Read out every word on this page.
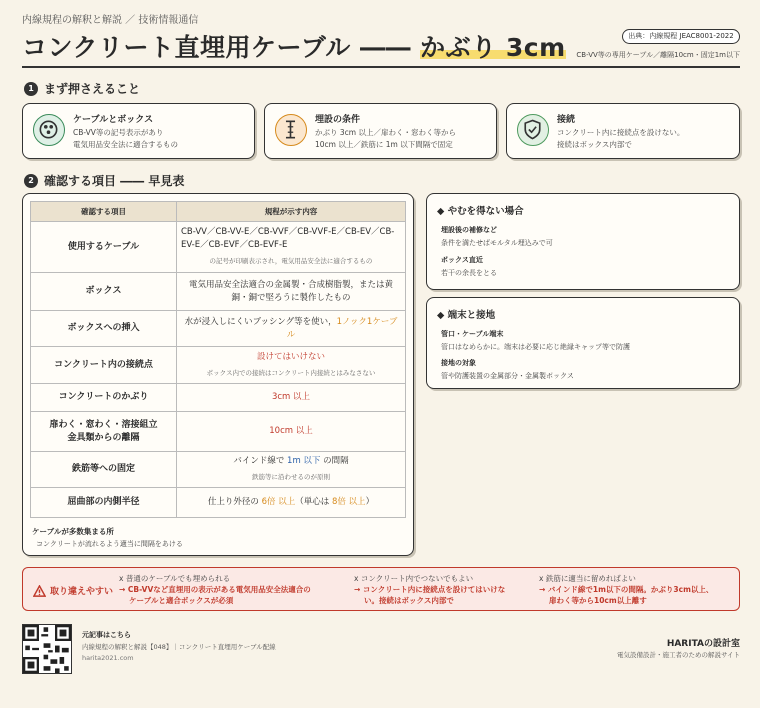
内線規程の解釈と解説 ／ 技術情報通信
コンクリート直埋用ケーブル ―― かぶり 3cm	出典：内線規程 JEAC8001-2022
CB-VV等の専用ケーブル／離隔10cm・固定1m以下
1 まず押さえること
ケーブルとボックス
CB-VV等の記号表示があり
電気用品安全法に適合するもの
埋設の条件
かぶり 3cm 以上／扉わく・窓わく等から
10cm 以上／鉄筋に 1m 以下間隔で固定
接続
コンクリート内に接続点を設けない。
接続はボックス内部で
2 確認する項目 ―― 早見表
確認する項目	規程が示す内容
使用するケーブル	CB-VV／CB-VV-E／CB-VVF／CB-VVF-E／CB-EV／CB-EV-E／CB-EVF／CB-EVF-E
の記号が印刷表示され，電気用品安全法に適合するもの

ボックス	電気用品安全法適合の金属製・合成樹脂製，または黄銅・銅で堅ろうに製作したもの
ボックスへの挿入	水が浸入しにくいブッシング等を使い，1ノック1ケーブル
コンクリート内の接続点	設けてはいけない
ボックス内での接続はコンクリート内接続とはみなさない

コンクリートのかぶり	3cm 以上
扉わく・窓わく・溶接組立
金具類からの離隔	10cm 以上
鉄筋等への固定	バインド線で 1m 以下 の間隔
鉄筋等に沿わせるのが原則

屈曲部の内側半径	仕上り外径の 6倍 以上（単心は 8倍 以上）
ケーブルが多数集まる所
コンクリートが流れるよう適当に間隔をあける
◆ やむを得ない場合
埋設後の補修など
条件を満たせばモルタル埋込みで可
ボックス直近
若干の余長をとる
◆ 端末と接地
管口・ケーブル端末
管口はなめらかに。端末は必要に応じ絶縁キャップ等で防護
接地の対象
管や防護装置の金属部分・金属製ボックス
取り違えやすい
x 普通のケーブルでも埋められる
→ CB-VVなど直埋用の表示がある電気用品安全法適合の
ケーブルと適合ボックスが必須
x コンクリート内でつないでもよい
→ コンクリート内に接続点を設けてはいけな
い。接続はボックス内部で
x 鉄筋に適当に留めればよい
→ バインド線で1m以下の間隔。かぶり3cm以上、
扉わく等から10cm以上離す
元記事はこちら
内線規程の解釈と解説【048】｜コンクリート直埋用ケーブル配線
harita2021.com
HARITAの設計室
電気設備設計・施工者のための解説サイト
